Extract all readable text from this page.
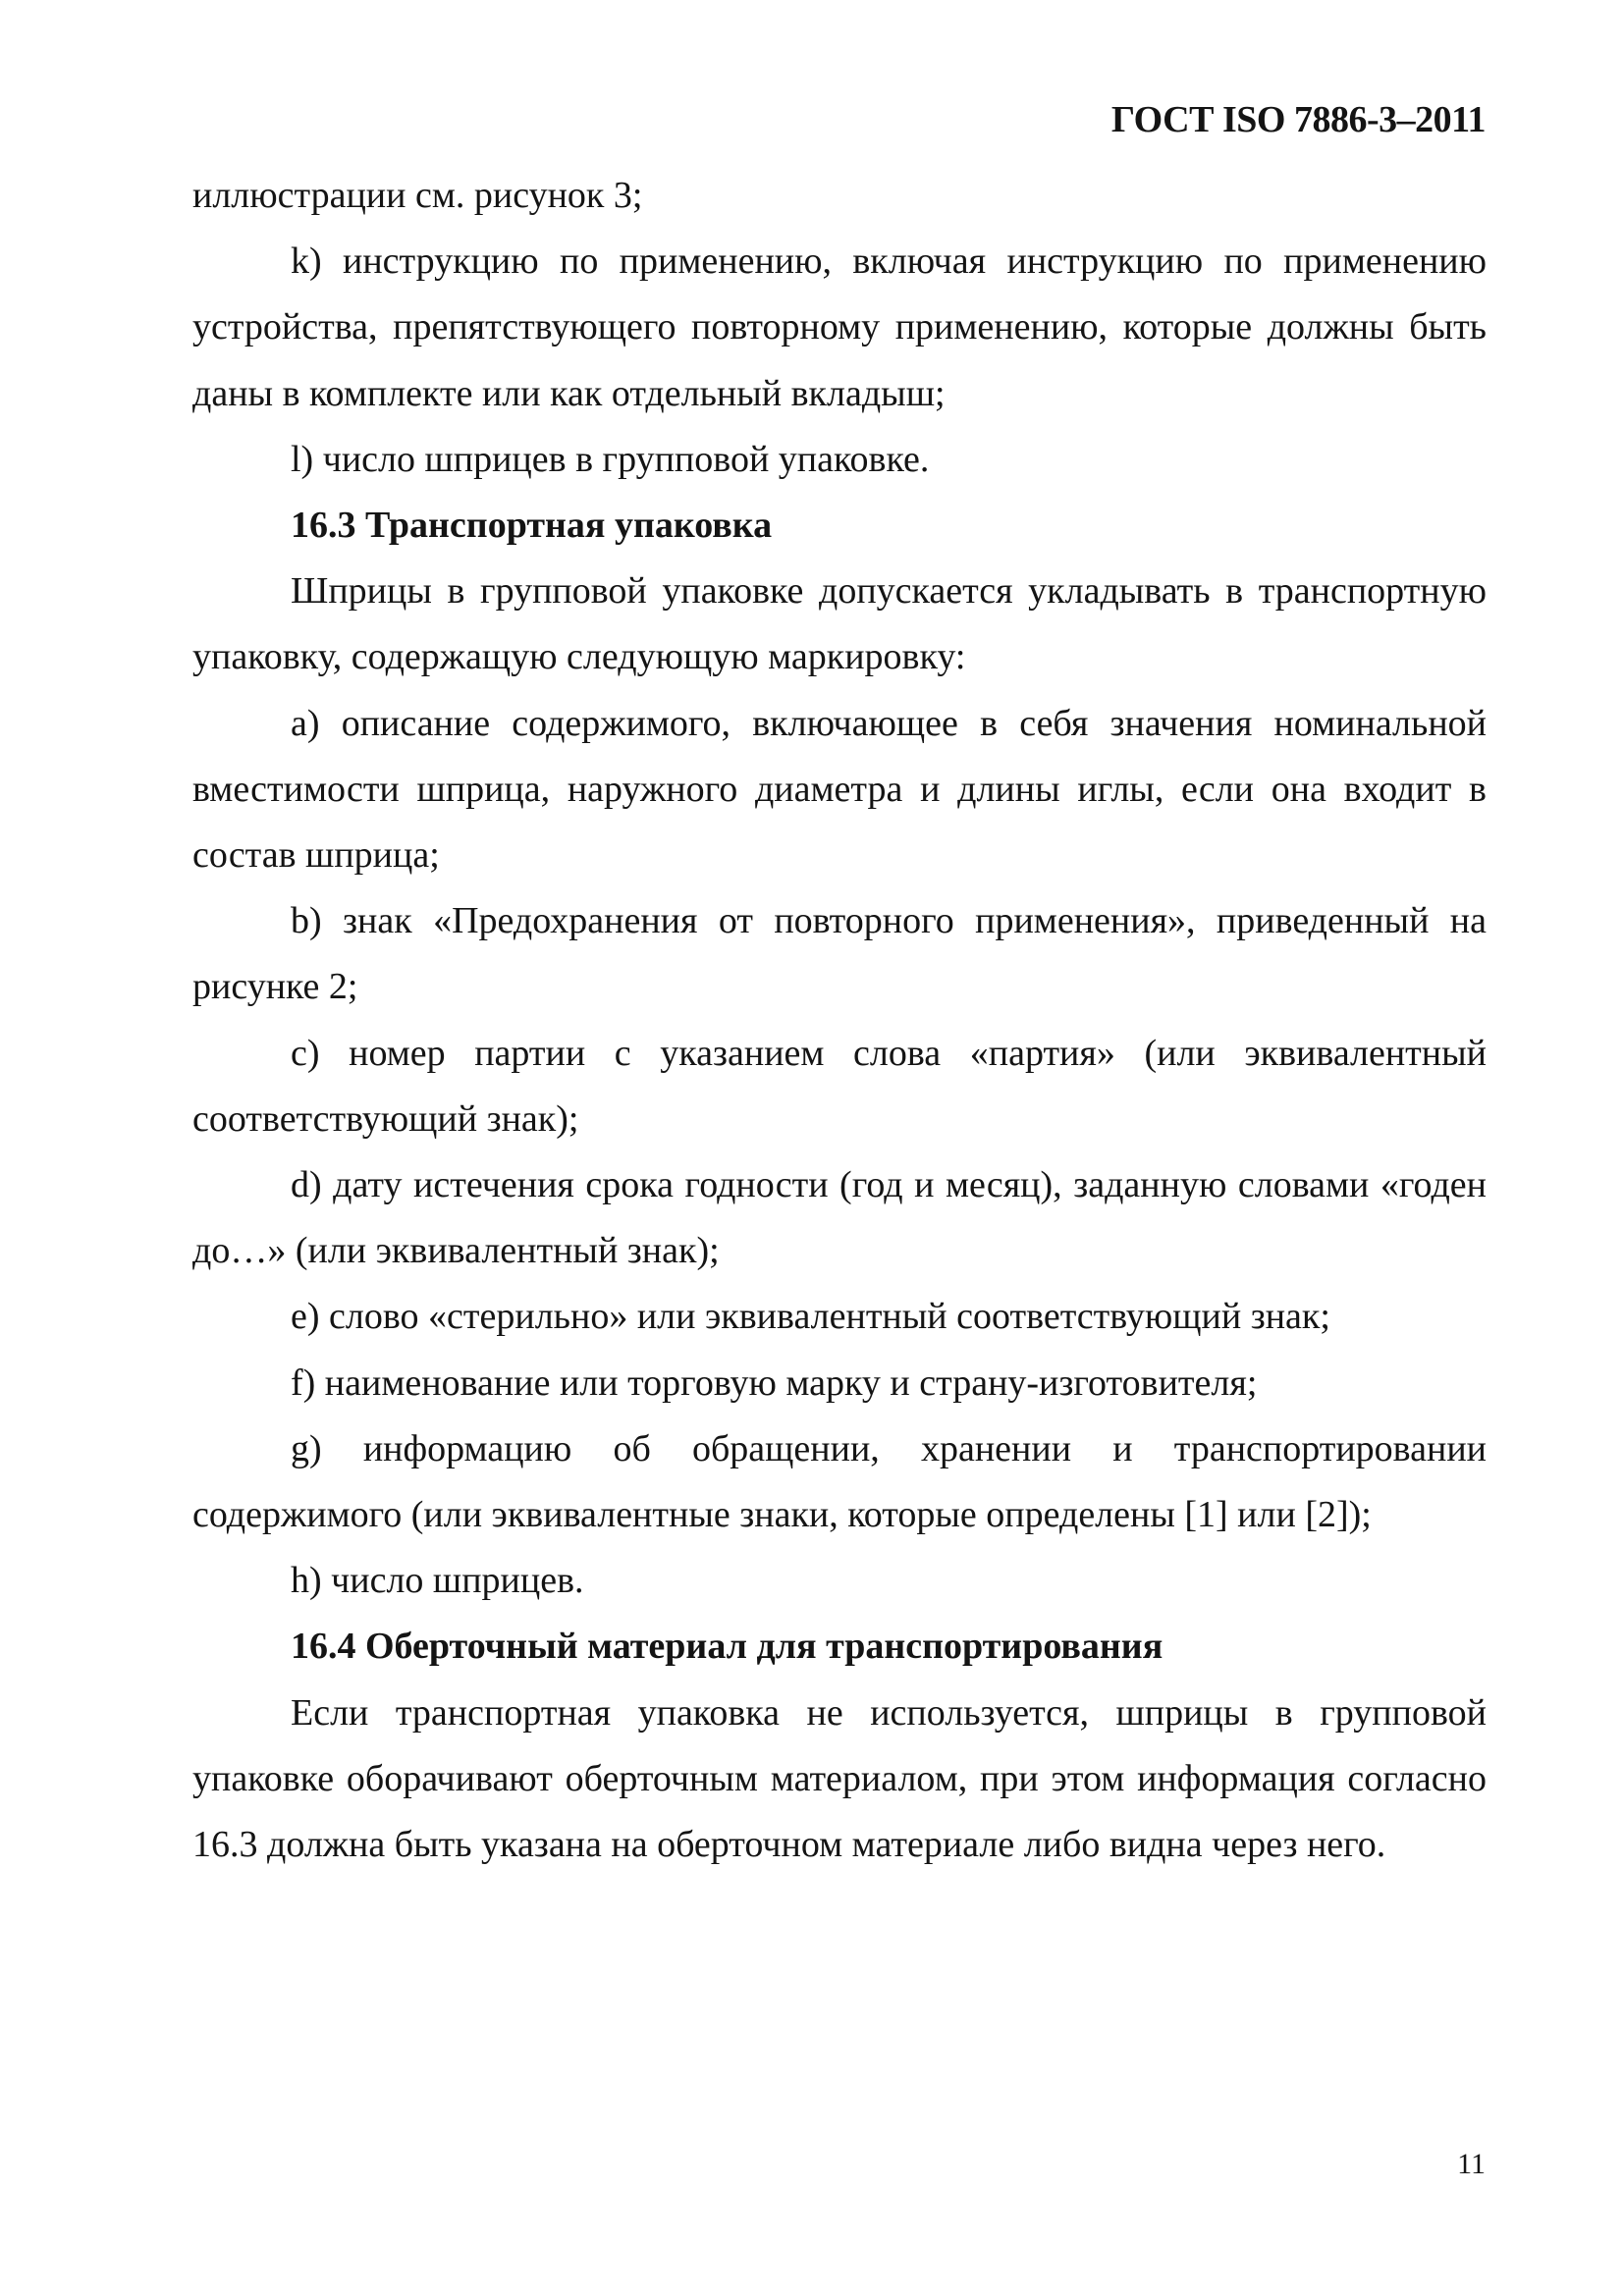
ГОСТ ISO 7886-3–2011

иллюстрации см. рисунок 3;

k) инструкцию по применению, включая инструкцию по применению устройства, препятствующего повторному применению, которые должны быть даны в комплекте или как отдельный вкладыш;

l) число шприцев в групповой упаковке.

16.3 Транспортная упаковка

Шприцы в групповой упаковке допускается укладывать в транспортную упаковку, содержащую следующую маркировку:

а) описание содержимого, включающее в себя значения номинальной вместимости шприца, наружного диаметра и длины иглы, если она входит в состав шприца;

b) знак «Предохранения от повторного применения», приведенный на рисунке 2;

c) номер партии с указанием слова «партия» (или эквивалентный соответствующий знак);

d) дату истечения срока годности (год и месяц), заданную словами «годен до…» (или эквивалентный знак);

e) слово «стерильно» или эквивалентный соответствующий знак;

f) наименование или торговую марку и страну-изготовителя;

g) информацию об обращении, хранении и транспортировании содержимого (или эквивалентные знаки, которые определены [1] или [2]);

h) число шприцев.

16.4 Оберточный материал для транспортирования

Если транспортная упаковка не используется, шприцы в групповой упаковке оборачивают оберточным материалом, при этом информация согласно 16.3 должна быть указана на оберточном материале либо видна через него.

11
